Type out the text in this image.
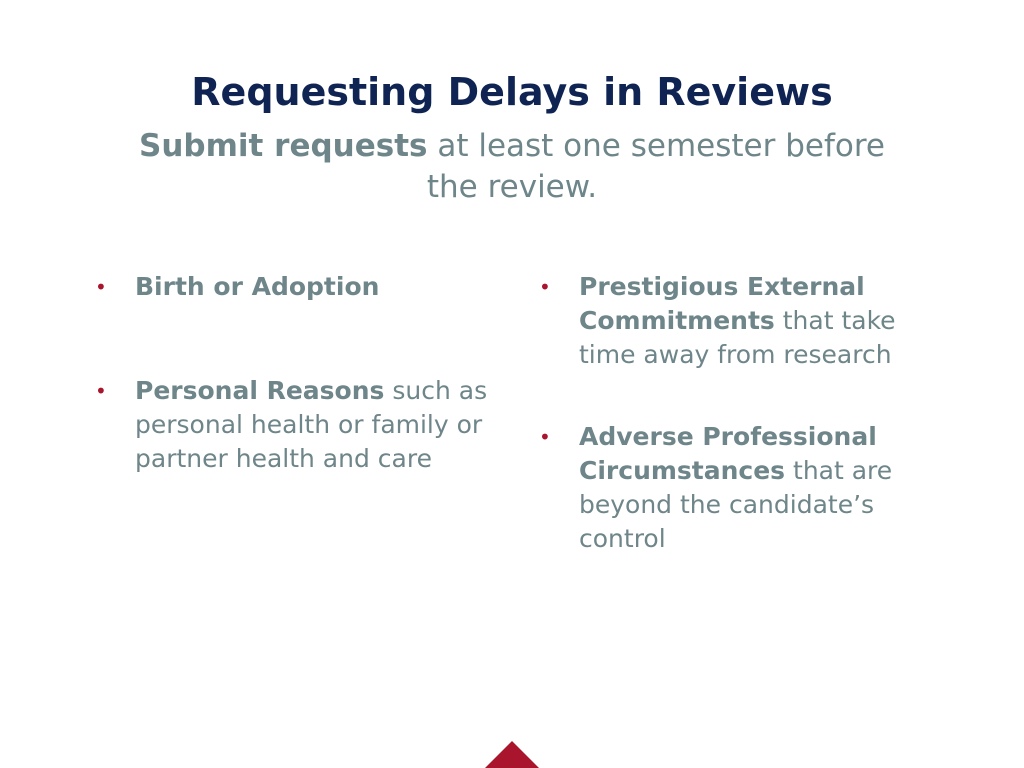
Requesting Delays in Reviews

Submit requests at least one semester before the review.

• Birth or Adoption
• Personal Reasons such as personal health or family or partner health and care
• Prestigious External Commitments that take time away from research
• Adverse Professional Circumstances that are beyond the candidate’s control
